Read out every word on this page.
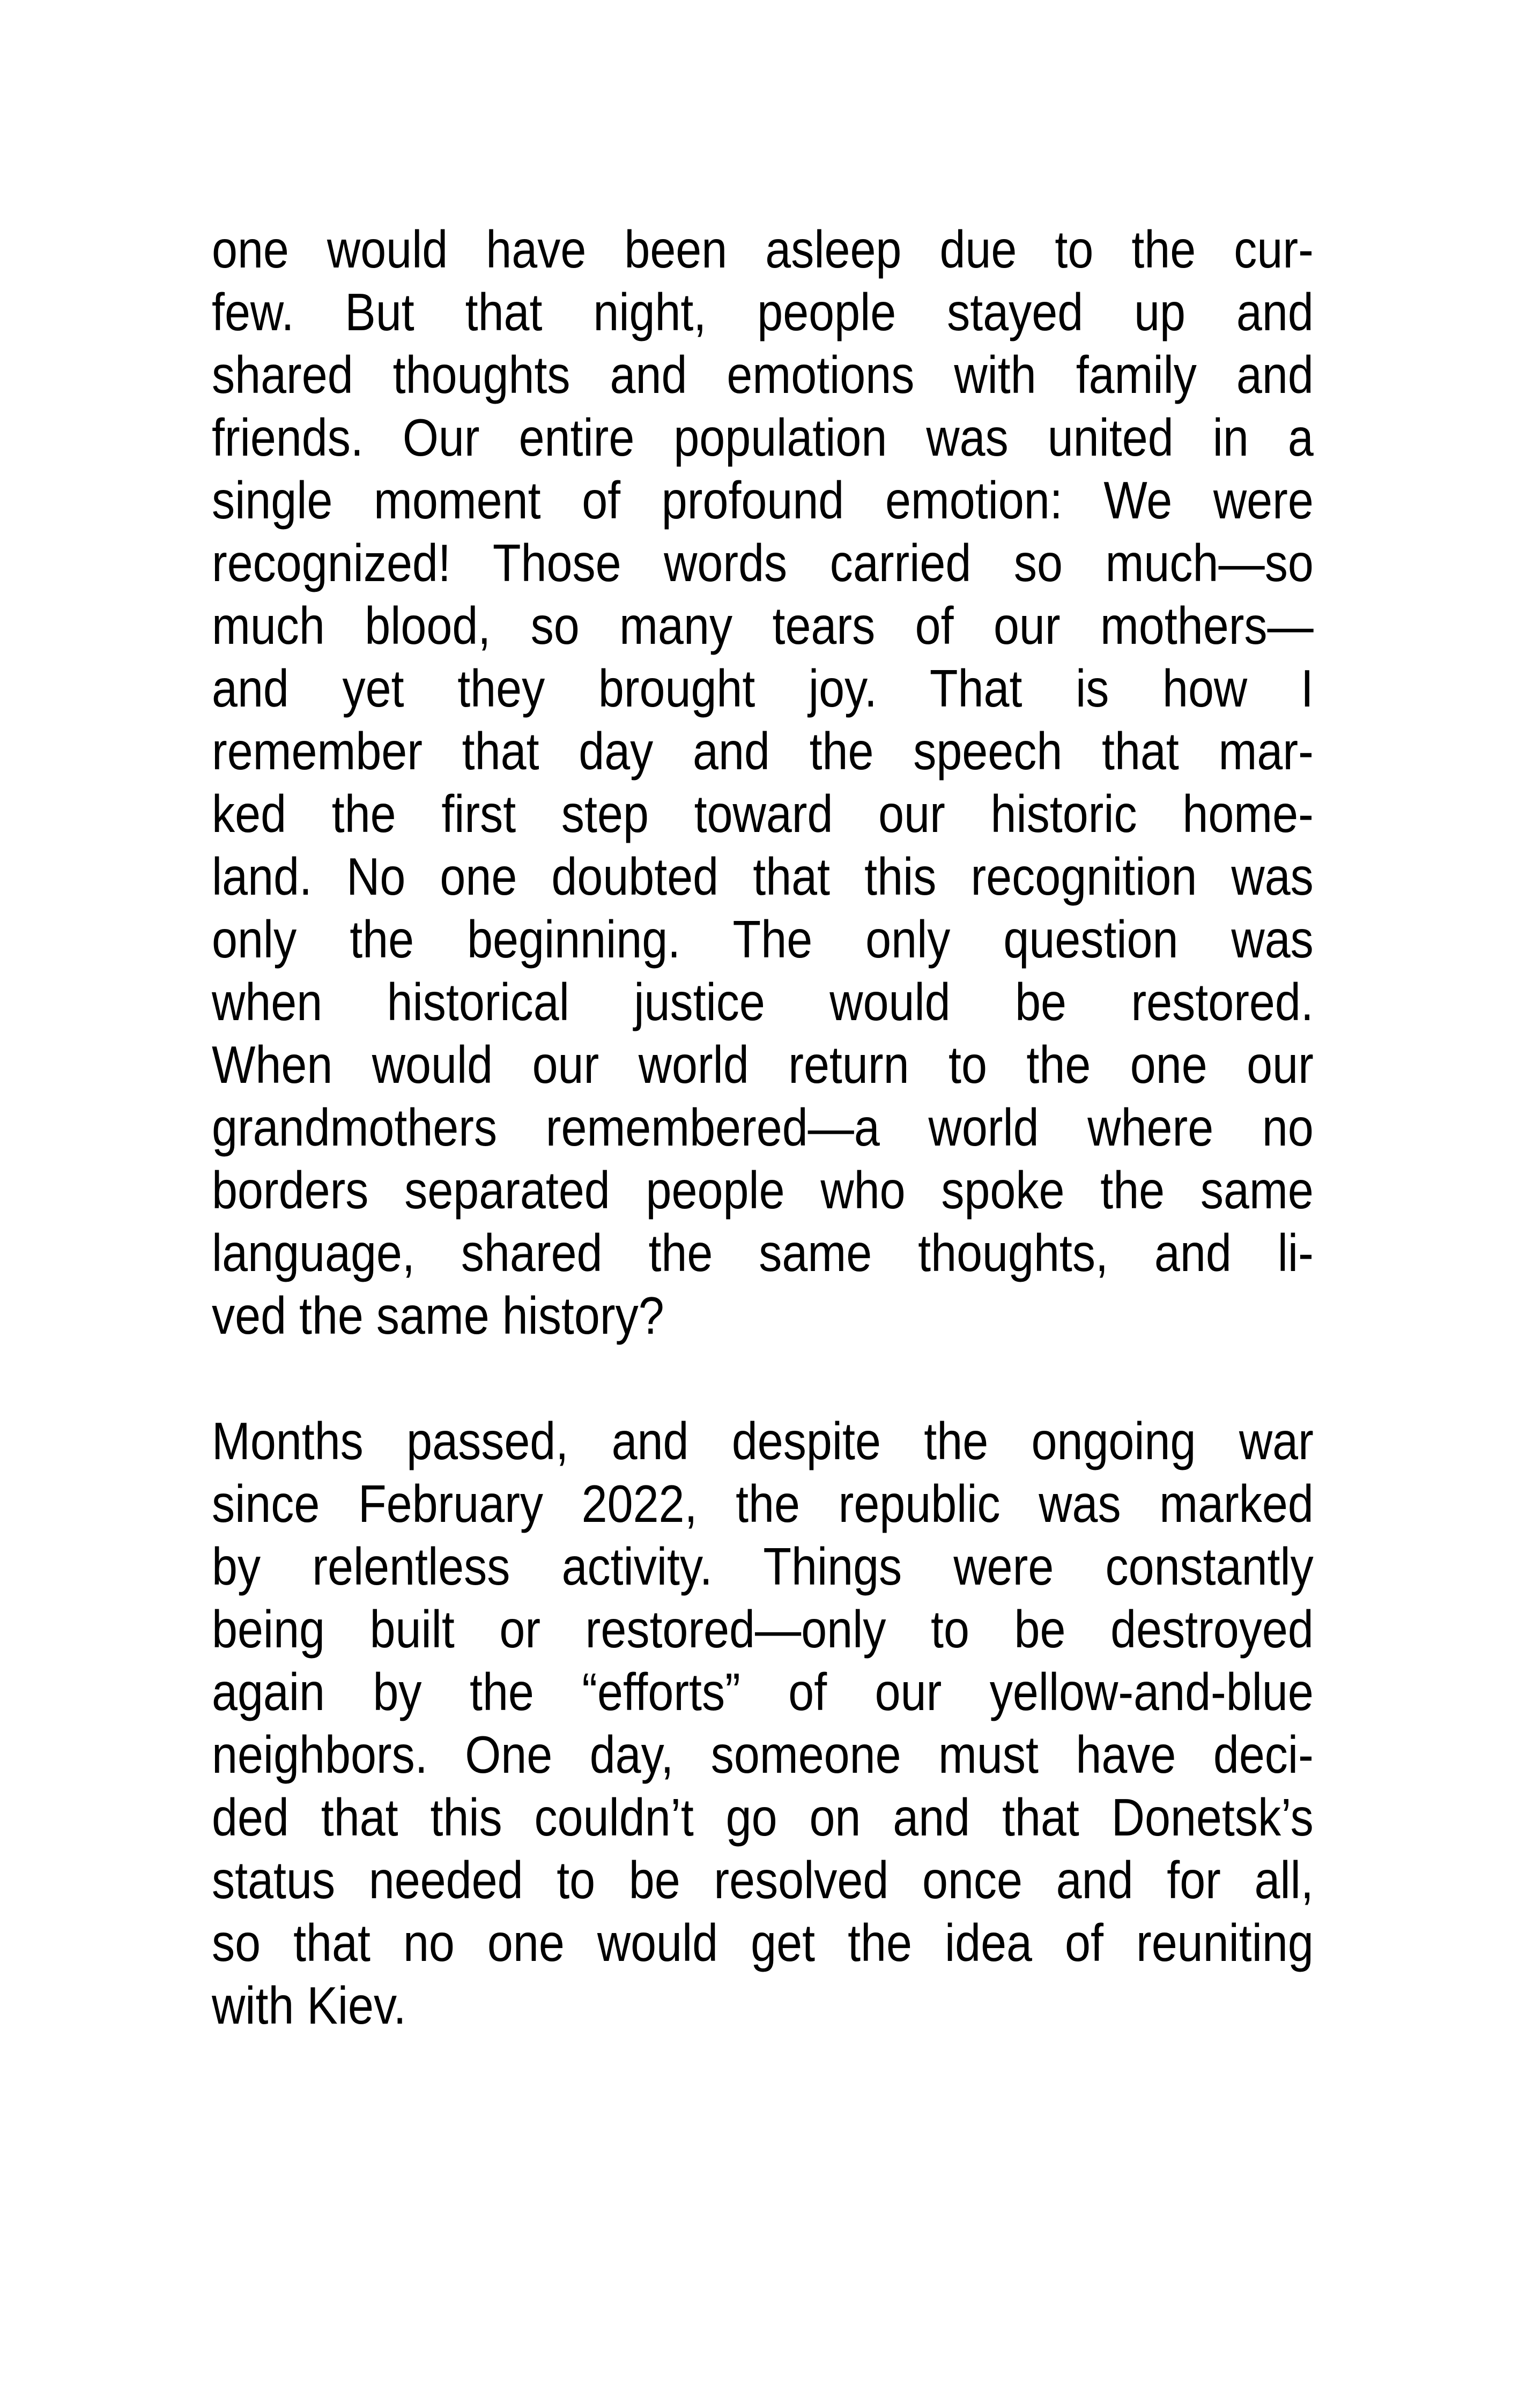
one would have been asleep due to the cur-
few. But that night, people stayed up and
shared thoughts and emotions with family and
friends. Our entire population was united in a
single moment of profound emotion: We were
recognized! Those words carried so much—so
much blood, so many tears of our mothers—
and yet they brought joy. That is how I
remember that day and the speech that mar-
ked the first step toward our historic home-
land. No one doubted that this recognition was
only the beginning. The only question was
when historical justice would be restored.
When would our world return to the one our
grandmothers remembered—a world where no
borders separated people who spoke the same
language, shared the same thoughts, and li-
ved the same history?
Months passed, and despite the ongoing war
since February 2022, the republic was marked
by relentless activity. Things were constantly
being built or restored—only to be destroyed
again by the “efforts” of our yellow-and-blue
neighbors. One day, someone must have deci-
ded that this couldn’t go on and that Donetsk’s
status needed to be resolved once and for all,
so that no one would get the idea of reuniting
with Kiev.
